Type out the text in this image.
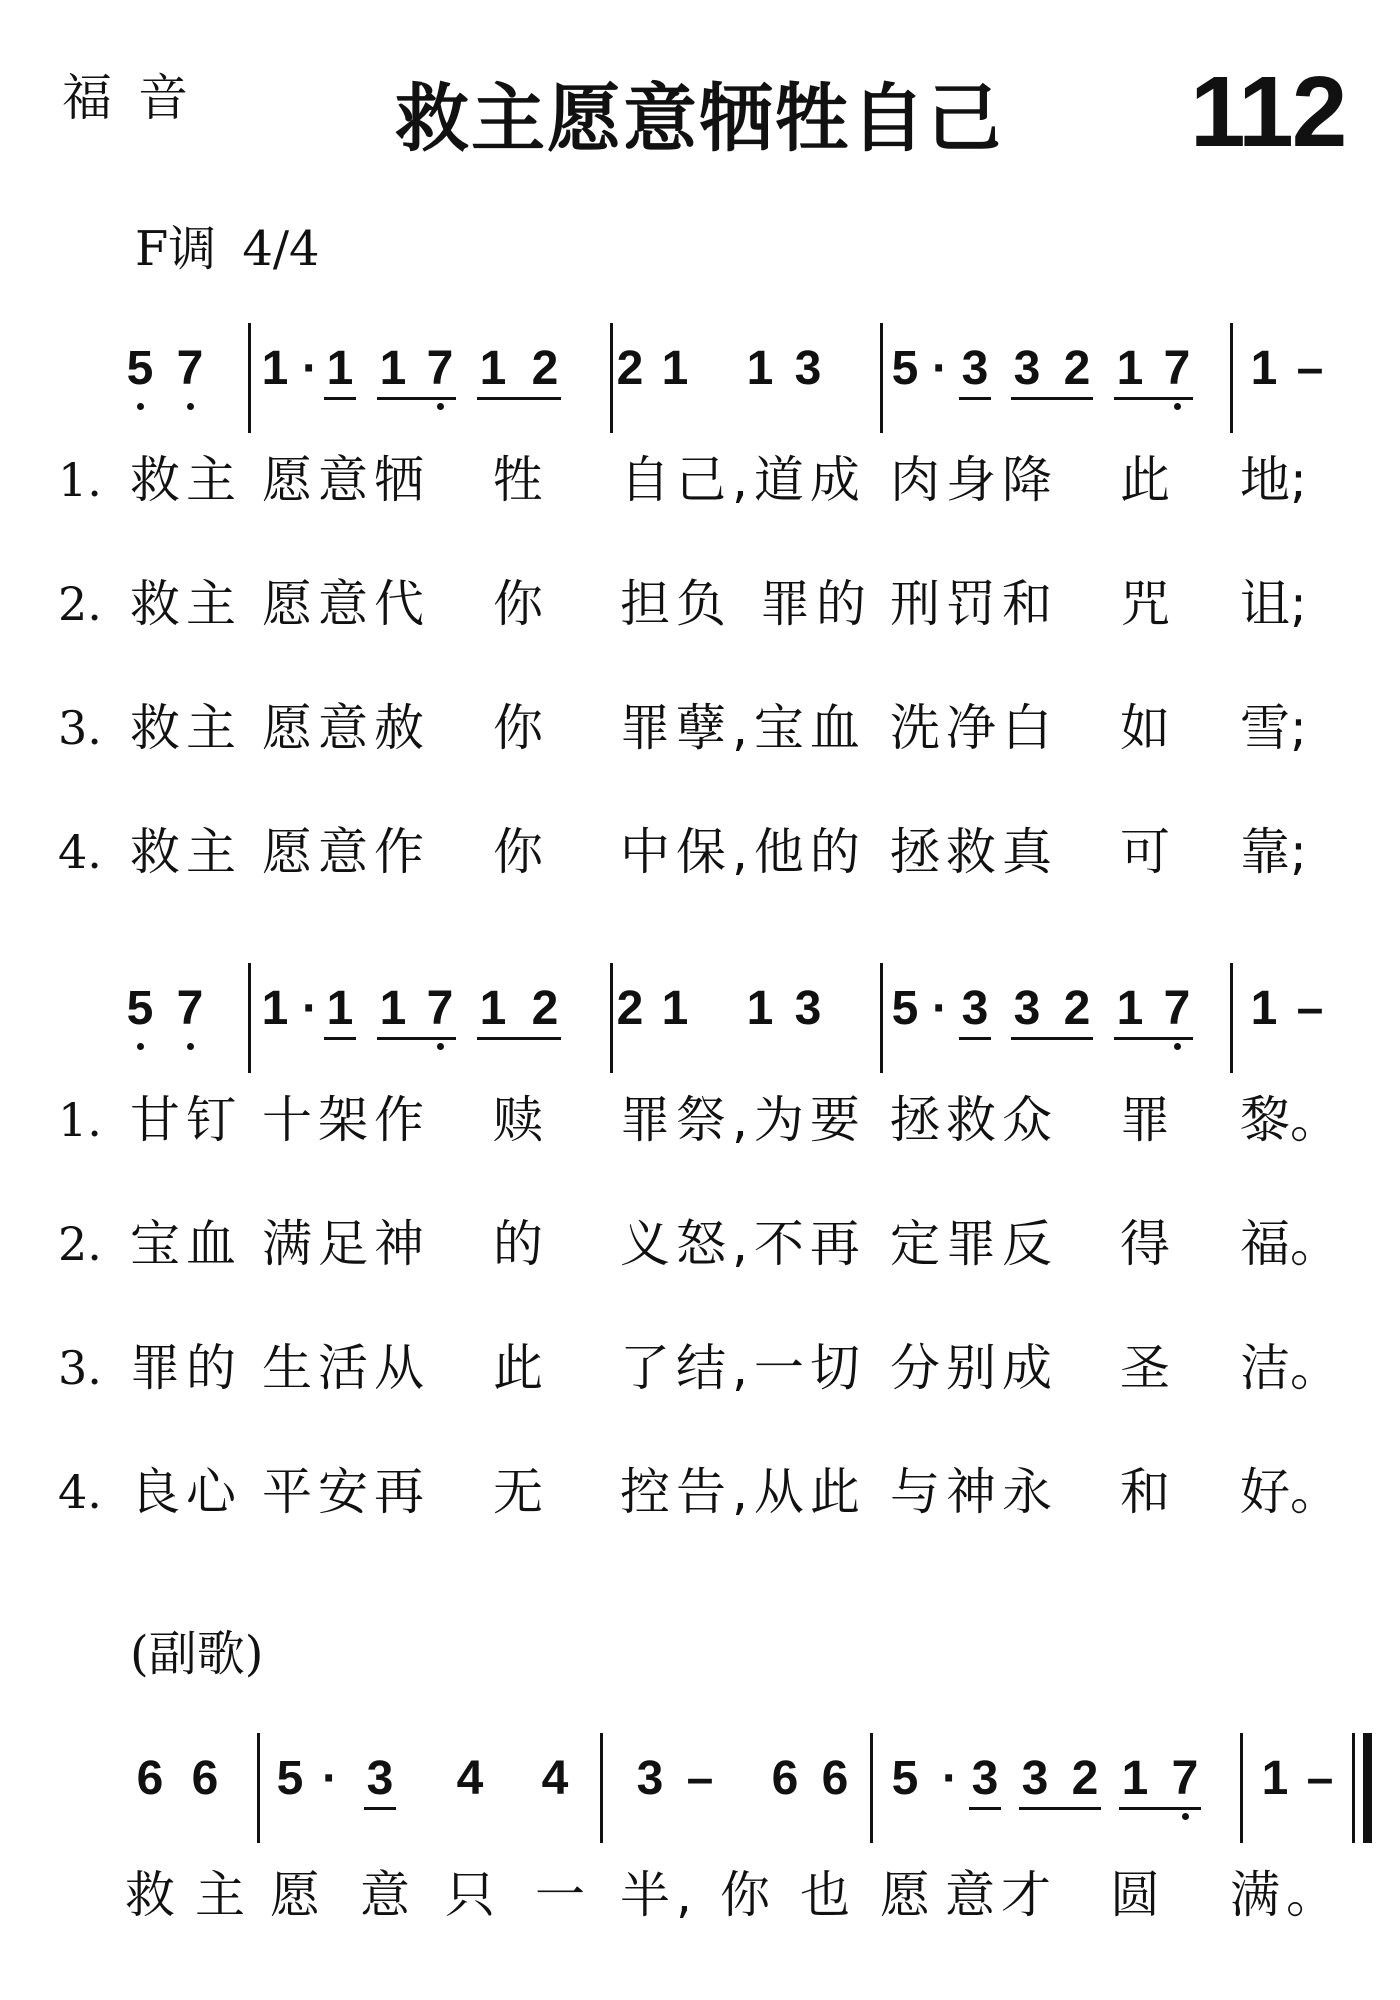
福音 救主愿意牺牲自己 112
F调 4/4
5 7 1 · 1 1 7 1 2 2 1 1 3 5 · 3 3 2 1 7 1 –
1. 救主 愿意牺 牲 自己,道成 肉身降 此 地;
2. 救主 愿意代 你 担负 罪的 刑罚和 咒 诅;
3. 救主 愿意赦 你 罪孽,宝血 洗净白 如 雪;
4. 救主 愿意作 你 中保,他的 拯救真 可 靠;
5 7 1 · 1 1 7 1 2 2 1 1 3 5 · 3 3 2 1 7 1 –
1. 甘钉 十架作 赎 罪祭,为要 拯救众 罪 黎。
2. 宝血 满足神 的 义怒,不再 定罪反 得 福。
3. 罪的 生活从 此 了结,一切 分别成 圣 洁。
4. 良心 平安再 无 控告,从此 与神永 和 好。
(副歌)
6 6 5 · 3 4 4 3 – 6 6 5 · 3 3 2 1 7 1 –
救 主 愿 意 只 一 半, 你 也 愿 意才 圆 满。
